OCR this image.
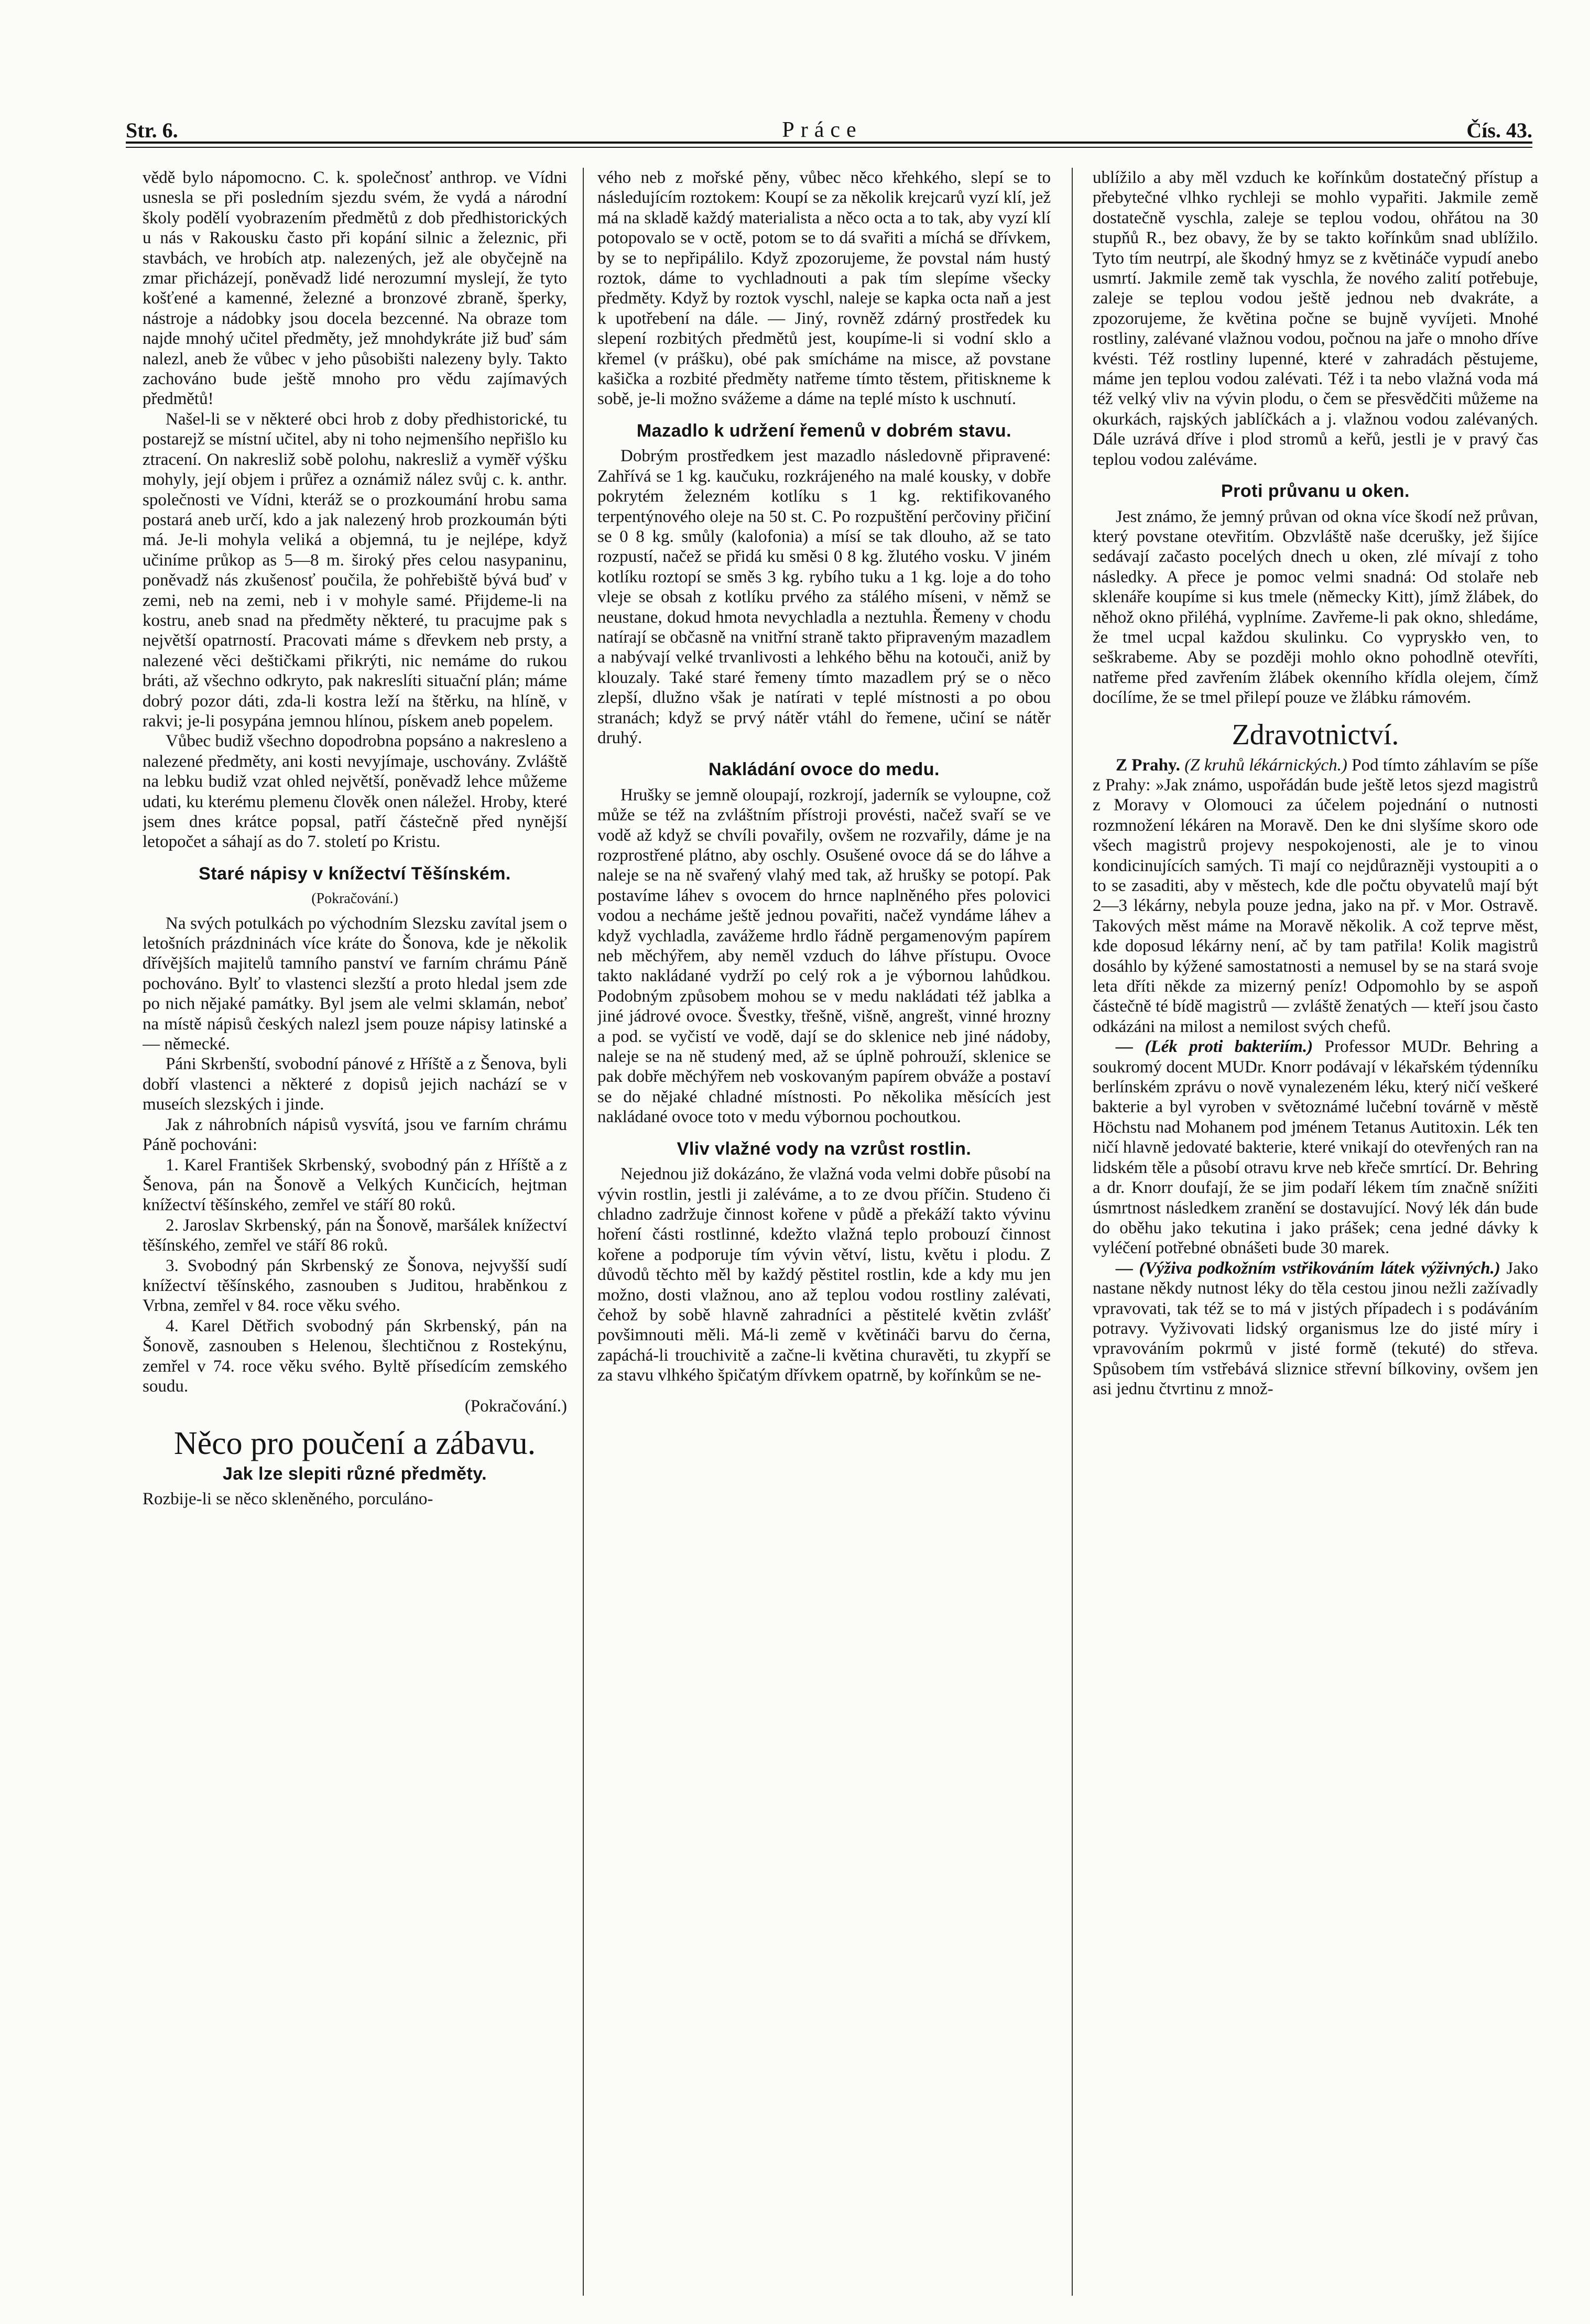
Str. 6.	Práce	Čís. 43.

vědě bylo nápomocno. C. k. společnosť anthrop. ve Vídni usnesla se při posledním sjezdu svém, že vydá a národní školy podělí vyobrazením předmětů z dob předhistorických u nás v Rakousku často při kopání silnic a železnic, při stavbách, ve hrobích atp. nalezených, jež ale obyčejně na zmar přicházejí, poněvadž lidé nerozumní myslejí, že tyto košťené a kamenné, železné a bronzové zbraně, šperky, nástroje a nádobky jsou docela bezcenné. Na obraze tom najde mnohý učitel předměty, jež mnohdykráte již buď sám nalezl, aneb že vůbec v jeho působišti nalezeny byly. Takto zachováno bude ještě mnoho pro vědu zajímavých předmětů!

Našel-li se v některé obci hrob z doby předhistorické, tu postarejž se místní učitel, aby ni toho nejmenšího nepřišlo ku ztracení. On nakresliž sobě polohu, nakresliž a vyměř výšku mohyly, její objem i průřez a oznámiž nález svůj c. k. anthr. společnosti ve Vídni, kteráž se o prozkoumání hrobu sama postará aneb určí, kdo a jak nalezený hrob prozkoumán býti má. Je-li mohyla veliká a objemná, tu je nejlépe, když učiníme průkop as 5—8 m. široký přes celou nasypaninu, poněvadž nás zkušenosť poučila, že pohřebiště bývá buď v zemi, neb na zemi, neb i v mohyle samé. Přijdeme-li na kostru, aneb snad na předměty některé, tu pracujme pak s největší opatrností. Pracovati máme s dřevkem neb prsty, a nalezené věci deštičkami přikrýti, nic nemáme do rukou bráti, až všechno odkryto, pak nakreslíti situační plán; máme dobrý pozor dáti, zda-li kostra leží na štěrku, na hlíně, v rakvi; je-li posypána jemnou hlínou, pískem aneb popelem.

Vůbec budiž všechno dopodrobna popsáno a nakresleno a nalezené předměty, ani kosti nevyjímaje, uschovány. Zvláště na lebku budiž vzat ohled největší, poněvadž lehce můžeme udati, ku kterému plemenu člověk onen náležel. Hroby, které jsem dnes krátce popsal, patří částečně před nynější letopočet a sáhají as do 7. století po Kristu.

Staré nápisy v knížectví Těšínském.
(Pokračování.)

Na svých potulkách po východním Slezsku zavítal jsem o letošních prázdninách více kráte do Šonova, kde je několik dřívějších majitelů tamního panství ve farním chrámu Páně pochováno. Bylť to vlastenci slezští a proto hledal jsem zde po nich nějaké památky. Byl jsem ale velmi sklamán, neboť na místě nápisů českých nalezl jsem pouze nápisy latinské a — německé.

Páni Skrbenští, svobodní pánové z Hříště a z Šenova, byli dobří vlastenci a některé z dopisů jejich nachází se v museích slezských i jinde.

Jak z náhrobních nápisů vysvítá, jsou ve farním chrámu Páně pochováni:

1. Karel František Skrbenský, svobodný pán z Hříště a z Šenova, pán na Šonově a Velkých Kunčicích, hejtman knížectví těšínského, zemřel ve stáří 80 roků.

2. Jaroslav Skrbenský, pán na Šonově, maršálek knížectví těšínského, zemřel ve stáří 86 roků.

3. Svobodný pán Skrbenský ze Šonova, nejvyšší sudí knížectví těšínského, zasnouben s Juditou, hraběnkou z Vrbna, zemřel v 84. roce věku svého.

4. Karel Dětřich svobodný pán Skrbenský, pán na Šonově, zasnouben s Helenou, šlechtičnou z Rostekýnu, zemřel v 74. roce věku svého. Byltě přísedícím zemského soudu.

(Pokračování.)

Něco pro poučení a zábavu.
Jak lze slepiti různé předměty.

Rozbije-li se něco skleněného, porculáno-

vého neb z mořské pěny, vůbec něco křehkého, slepí se to následujícím roztokem: Koupí se za několik krejcarů vyzí klí, jež má na skladě každý materialista a něco octa a to tak, aby vyzí klí potopovalo se v octě, potom se to dá svařiti a míchá se dřívkem, by se to nepřipálilo. Když zpozorujeme, že povstal nám hustý roztok, dáme to vychladnouti a pak tím slepíme všecky předměty. Když by roztok vyschl, naleje se kapka octa naň a jest k upotřebení na dále. — Jiný, rovněž zdárný prostředek ku slepení rozbitých předmětů jest, koupíme-li si vodní sklo a křemel (v prášku), obé pak smícháme na misce, až povstane kašička a rozbité předměty natřeme tímto těstem, přitiskneme k sobě, je-li možno svážeme a dáme na teplé místo k uschnutí.

Mazadlo k udržení řemenů v dobrém stavu.

Dobrým prostředkem jest mazadlo následovně připravené: Zahřívá se 1 kg. kaučuku, rozkrájeného na malé kousky, v dobře pokrytém železném kotlíku s 1 kg. rektifikovaného terpentýnového oleje na 50 st. C. Po rozpuštění perčoviny přičiní se 0 8 kg. smůly (kalofonia) a mísí se tak dlouho, až se tato rozpustí, načež se přidá ku směsi 0 8 kg. žlutého vosku. V jiném kotlíku roztopí se směs 3 kg. rybího tuku a 1 kg. loje a do toho vleje se obsah z kotlíku prvého za stálého míseni, v němž se neustane, dokud hmota nevychladla a neztuhla. Řemeny v chodu natírají se občasně na vnitřní straně takto připraveným mazadlem a nabývají velké trvanlivosti a lehkého běhu na kotouči, aniž by klouzaly. Také staré řemeny tímto mazadlem prý se o něco zlepší, dlužno však je natírati v teplé místnosti a po obou stranách; když se prvý nátěr vtáhl do řemene, učiní se nátěr druhý.

Nakládání ovoce do medu.

Hrušky se jemně oloupají, rozkrojí, jaderník se vyloupne, což může se též na zvláštním přístroji provésti, načež svaří se ve vodě až když se chvíli povařily, ovšem ne rozvařily, dáme je na rozprostřené plátno, aby oschly. Osušené ovoce dá se do láhve a naleje se na ně svařený vlahý med tak, až hrušky se potopí. Pak postavíme láhev s ovocem do hrnce naplněného přes polovici vodou a necháme ještě jednou povařiti, načež vyndáme láhev a když vychladla, zavážeme hrdlo řádně pergamenovým papírem neb měchýřem, aby neměl vzduch do láhve přístupu. Ovoce takto nakládané vydrží po celý rok a je výbornou lahůdkou. Podobným způsobem mohou se v medu nakládati též jablka a jiné jádrové ovoce. Švestky, třešně, višně, angrešt, vinné hrozny a pod. se vyčistí ve vodě, dají se do sklenice neb jiné nádoby, naleje se na ně studený med, až se úplně pohrouží, sklenice se pak dobře měchýřem neb voskovaným papírem obváže a postaví se do nějaké chladné místnosti. Po několika měsících jest nakládané ovoce toto v medu výbornou pochoutkou.

Vliv vlažné vody na vzrůst rostlin.

Nejednou již dokázáno, že vlažná voda velmi dobře působí na vývin rostlin, jestli ji zaléváme, a to ze dvou příčin. Studeno či chladno zadržuje činnost kořene v půdě a překáží takto vývinu hoření části rostlinné, kdežto vlažná teplo probouzí činnost kořene a podporuje tím vývin větví, listu, květu i plodu. Z důvodů těchto měl by každý pěstitel rostlin, kde a kdy mu jen možno, dosti vlažnou, ano až teplou vodou rostliny zalévati, čehož by sobě hlavně zahradníci a pěstitelé květin zvlášť povšimnouti měli. Má-li země v květináči barvu do černa, zapáchá-li trouchivitě a začne-li květina churavěti, tu zkypří se za stavu vlhkého špičatým dřívkem opatrně, by kořínkům se ne-

ublížilo a aby měl vzduch ke kořínkům dostatečný přístup a přebytečné vlhko rychleji se mohlo vypařiti. Jakmile země dostatečně vyschla, zaleje se teplou vodou, ohřátou na 30 stupňů R., bez obavy, že by se takto kořínkům snad ublížilo. Tyto tím neutrpí, ale škodný hmyz se z květináče vypudí anebo usmrtí. Jakmile země tak vyschla, že nového zalití potřebuje, zaleje se teplou vodou ještě jednou neb dvakráte, a zpozorujeme, že květina počne se bujně vyvíjeti. Mnohé rostliny, zalévané vlažnou vodou, počnou na jaře o mnoho dříve kvésti. Též rostliny lupenné, které v zahradách pěstujeme, máme jen teplou vodou zalévati. Též i ta nebo vlažná voda má též velký vliv na vývin plodu, o čem se přesvědčiti můžeme na okurkách, rajských jablíčkách a j. vlažnou vodou zalévaných. Dále uzrává dříve i plod stromů a keřů, jestli je v pravý čas teplou vodou zaléváme.

Proti průvanu u oken.

Jest známo, že jemný průvan od okna více škodí než průvan, který povstane otevřitím. Obzvláště naše dcerušky, jež šijíce sedávají začasto pocelých dnech u oken, zlé mívají z toho následky. A přece je pomoc velmi snadná: Od stolaře neb sklenáře koupíme si kus tmele (německy Kitt), jímž žlábek, do něhož okno přiléhá, vyplníme. Zavřeme-li pak okno, shledáme, že tmel ucpal každou skulinku. Co vypryskło ven, to seškrabeme. Aby se později mohlo okno pohodlně otevříti, natřeme před zavřením žlábek okenního křídla olejem, čímž docílíme, že se tmel přilepí pouze ve žlábku rámovém.

Zdravotnictví.

Z Prahy. (Z kruhů lékárnických.) Pod tímto záhlavím se píše z Prahy: »Jak známo, uspořádán bude ještě letos sjezd magistrů z Moravy v Olomouci za účelem pojednání o nutnosti rozmnožení lékáren na Moravě. Den ke dni slyšíme skoro ode všech magistrů projevy nespokojenosti, ale je to vinou kondicinujících samých. Ti mají co nejdůrazněji vystoupiti a o to se zasaditi, aby v městech, kde dle počtu obyvatelů mají být 2—3 lékárny, nebyla pouze jedna, jako na př. v Mor. Ostravě. Takových měst máme na Moravě několik. A což teprve měst, kde doposud lékárny není, ač by tam patřila! Kolik magistrů dosáhlo by kýžené samostatnosti a nemusel by se na stará svoje leta dříti někde za mizerný peníz! Odpomohlo by se aspoň částečně té bídě magistrů — zvláště ženatých — kteří jsou často odkázáni na milost a nemilost svých chefů.

— (Lék proti bakteriím.) Professor MUDr. Behring a soukromý docent MUDr. Knorr podávají v lékařském týdenníku berlínském zprávu o nově vynalezeném léku, který ničí veškeré bakterie a byl vyroben v světoznámé lučební továrně v městě Höchstu nad Mohanem pod jménem Tetanus Autitoxin. Lék ten ničí hlavně jedovaté bakterie, které vnikají do otevřených ran na lidském těle a působí otravu krve neb křeče smrtící. Dr. Behring a dr. Knorr doufají, že se jim podaří lékem tím značně snížiti úsmrtnost následkem zranění se dostavující. Nový lék dán bude do oběhu jako tekutina i jako prášek; cena jedné dávky k vyléčení potřebné obnášeti bude 30 marek.

— (Výživa podkožním vstřikováním látek výživných.) Jako nastane někdy nutnost léky do těla cestou jinou nežli zažívadly vpravovati, tak též se to má v jistých případech i s podáváním potravy. Vyživovati lidský organismus lze do jisté míry i vpravováním pokrmů v jisté formě (tekuté) do střeva. Spůsobem tím vstřebává sliznice střevní bílkoviny, ovšem jen asi jednu čtvrtinu z množ-
